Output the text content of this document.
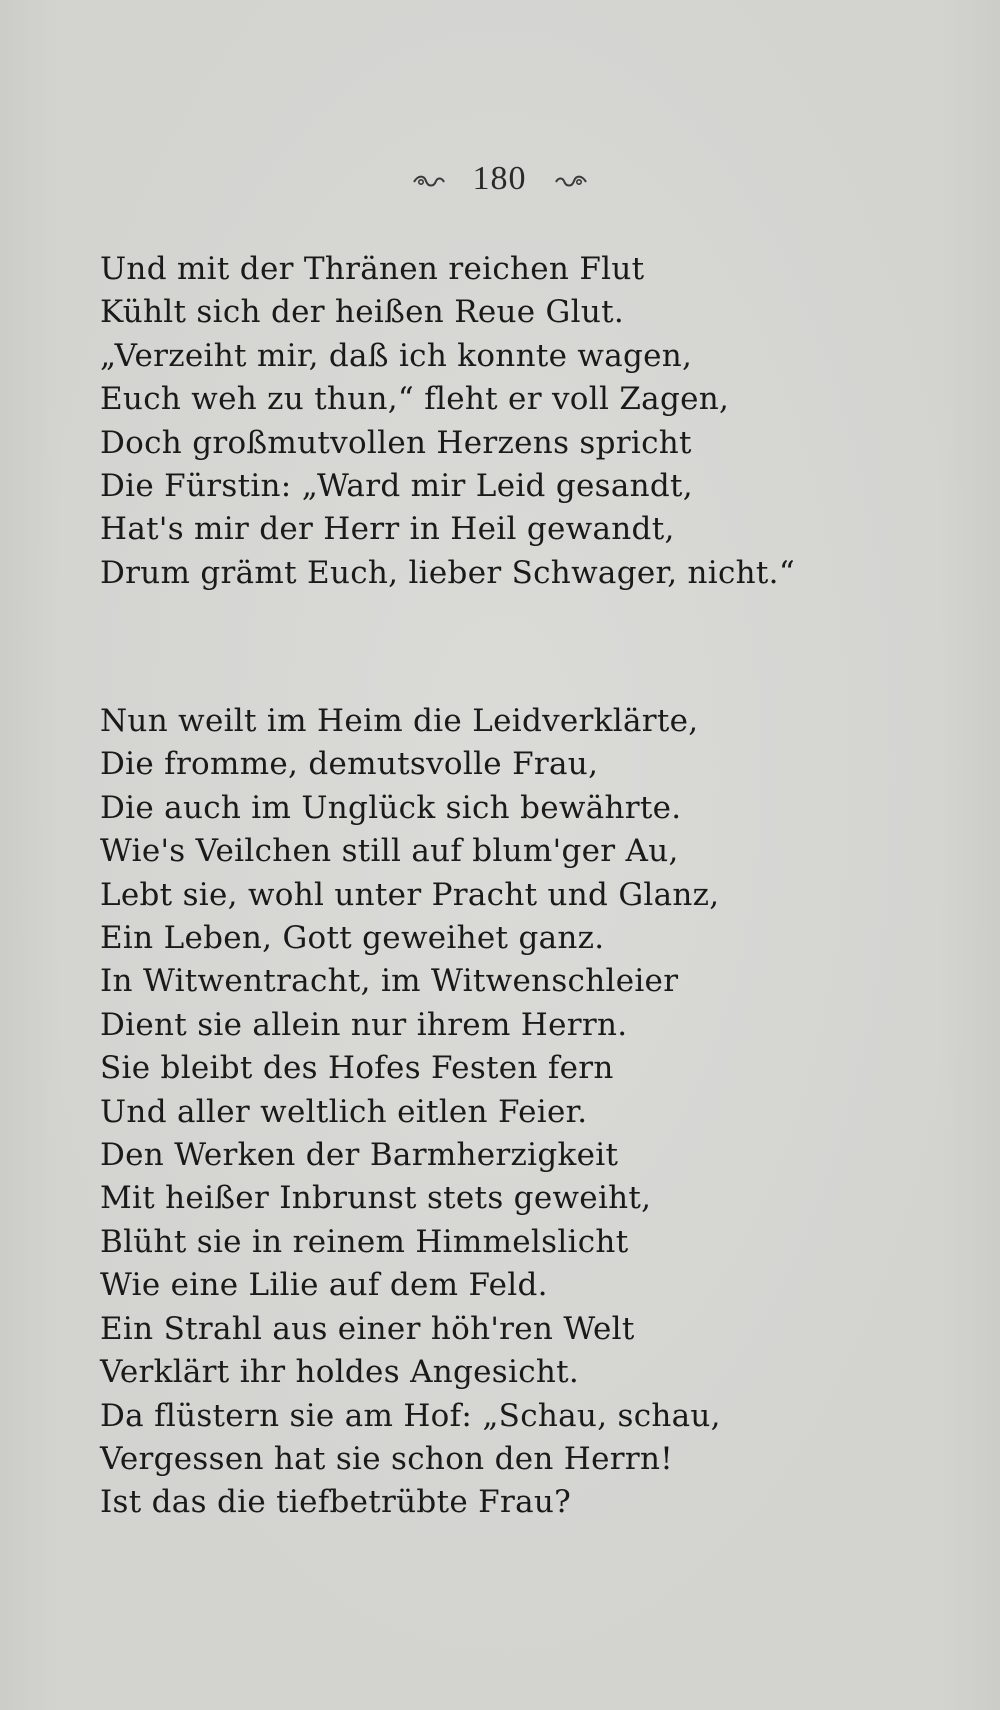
180
Und mit der Thränen reichen Flut
Kühlt sich der heißen Reue Glut.
„Verzeiht mir, daß ich konnte wagen,
Euch weh zu thun,“ fleht er voll Zagen,
Doch großmutvollen Herzens spricht
Die Fürstin: „Ward mir Leid gesandt,
Hat's mir der Herr in Heil gewandt,
Drum grämt Euch, lieber Schwager, nicht.“
Nun weilt im Heim die Leidverklärte,
Die fromme, demutsvolle Frau,
Die auch im Unglück sich bewährte.
Wie's Veilchen still auf blum'ger Au,
Lebt sie, wohl unter Pracht und Glanz,
Ein Leben, Gott geweihet ganz.
In Witwentracht, im Witwenschleier
Dient sie allein nur ihrem Herrn.
Sie bleibt des Hofes Festen fern
Und aller weltlich eitlen Feier.
Den Werken der Barmherzigkeit
Mit heißer Inbrunst stets geweiht,
Blüht sie in reinem Himmelslicht
Wie eine Lilie auf dem Feld.
Ein Strahl aus einer höh'ren Welt
Verklärt ihr holdes Angesicht.
Da flüstern sie am Hof: „Schau, schau,
Vergessen hat sie schon den Herrn!
Ist das die tiefbetrübte Frau?
